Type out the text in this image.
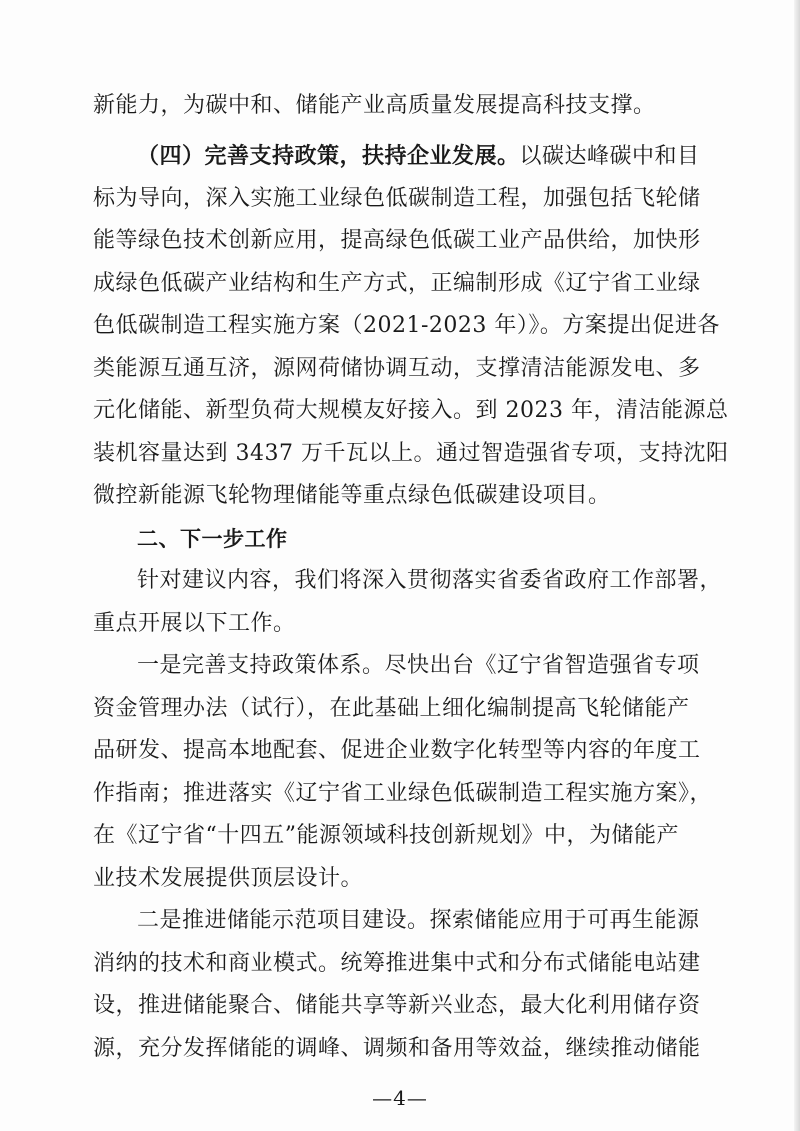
新能力，为碳中和、储能产业高质量发展提高科技支撑。
（四）完善支持政策，扶持企业发展。以碳达峰碳中和目
标为导向，深入实施工业绿色低碳制造工程，加强包括飞轮储
能等绿色技术创新应用，提高绿色低碳工业产品供给，加快形
成绿色低碳产业结构和生产方式，正编制形成《辽宁省工业绿
色低碳制造工程实施方案（2021-2023 年）》。方案提出促进各
类能源互通互济，源网荷储协调互动，支撑清洁能源发电、多
元化储能、新型负荷大规模友好接入。到 2023 年，清洁能源总
装机容量达到 3437 万千瓦以上。通过智造强省专项，支持沈阳
微控新能源飞轮物理储能等重点绿色低碳建设项目。
二、下一步工作
针对建议内容，我们将深入贯彻落实省委省政府工作部署，
重点开展以下工作。
一是完善支持政策体系。尽快出台《辽宁省智造强省专项
资金管理办法（试行），在此基础上细化编制提高飞轮储能产
品研发、提高本地配套、促进企业数字化转型等内容的年度工
作指南；推进落实《辽宁省工业绿色低碳制造工程实施方案》，
在《辽宁省“十四五”能源领域科技创新规划》中，为储能产
业技术发展提供顶层设计。
二是推进储能示范项目建设。探索储能应用于可再生能源
消纳的技术和商业模式。统筹推进集中式和分布式储能电站建
设，推进储能聚合、储能共享等新兴业态，最大化利用储存资
源，充分发挥储能的调峰、调频和备用等效益，继续推动储能
—4—
